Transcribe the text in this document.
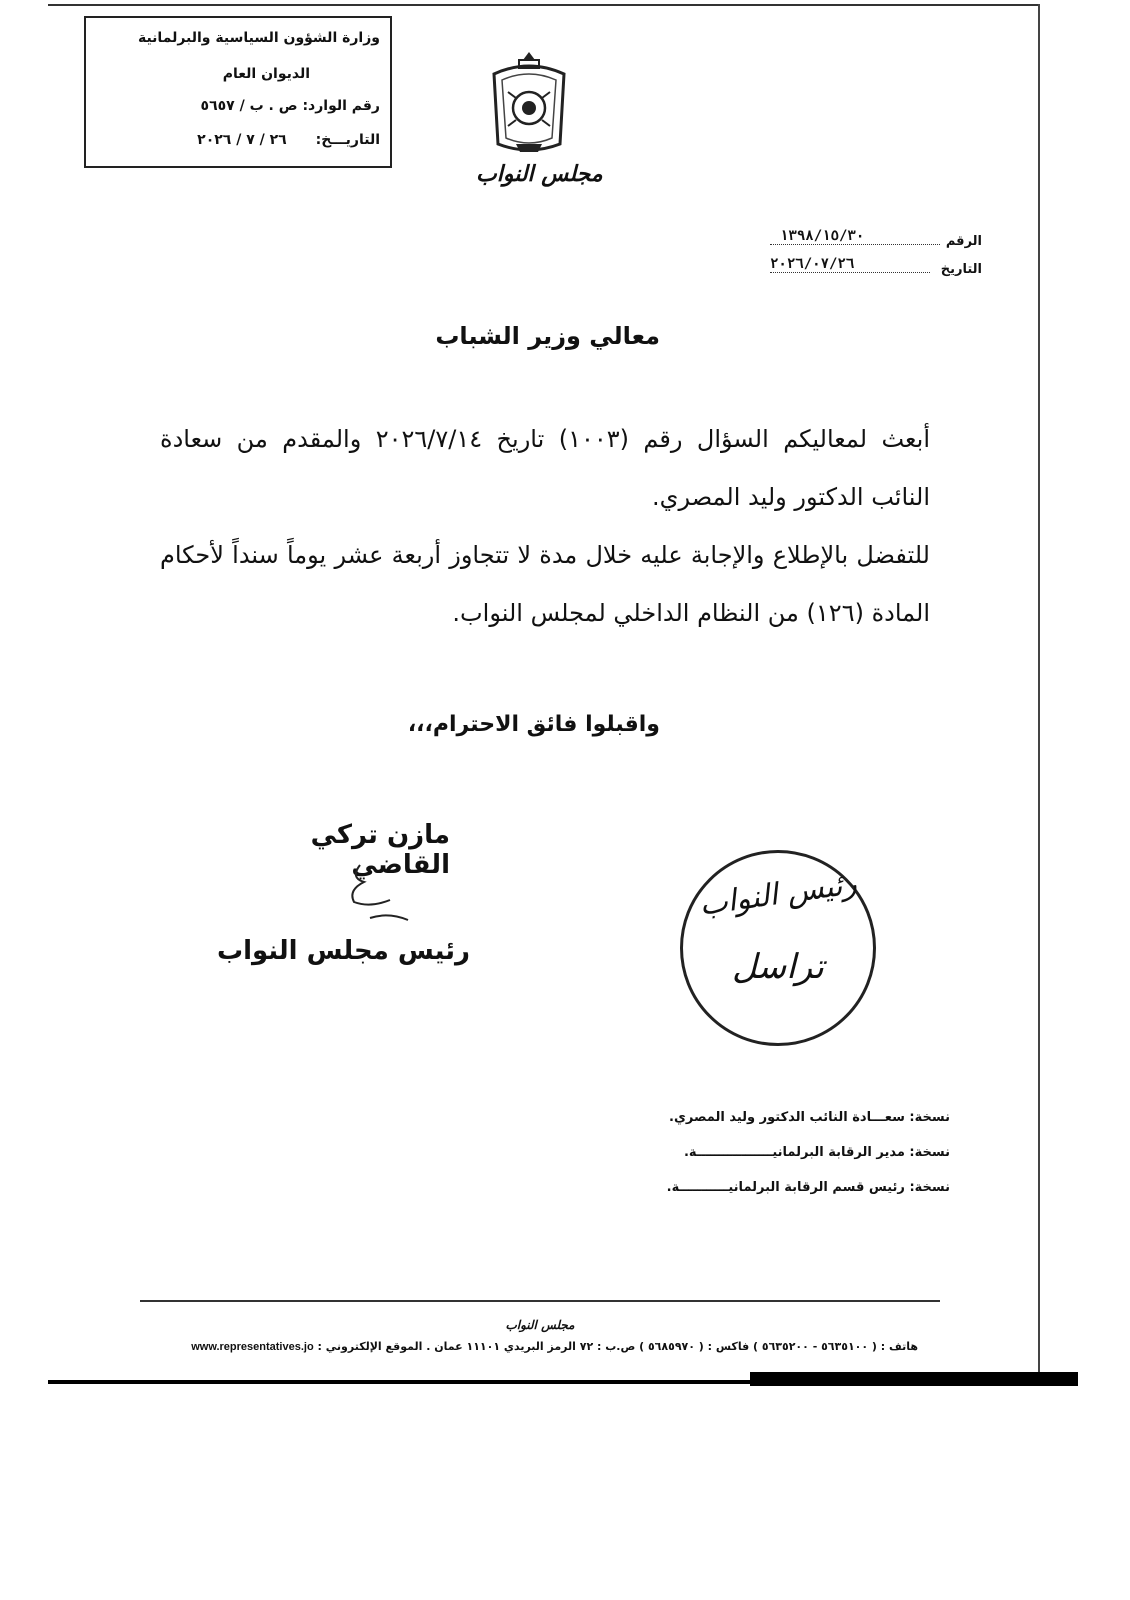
وزارة الشؤون السياسية والبرلمانية
الديوان العام
رقم الوارد: ص . ب / ٥٦٥٧
التاريـــخ: ٢٦ / ٧ / ٢٠٢٦
مجلس النواب
الرقم
١٣٩٨/١٥/٣٠
التاريخ
٢٠٢٦/٠٧/٢٦
معالي وزير الشباب

أبعث لمعاليكم السؤال رقم (١٠٠٣) تاريخ ٢٠٢٦/٧/١٤ والمقدم من سعادة النائب الدكتور وليد المصري.

للتفضل بالإطلاع والإجابة عليه خلال مدة لا تتجاوز أربعة عشر يوماً سنداً لأحكام المادة (١٢٦) من النظام الداخلي لمجلس النواب.

واقبلوا فائق الاحترام،،،
مازن تركي القاضي
رئيس مجلس النواب
رئيس النواب
تراسل
نسخة: سعـــادة النائب الدكتور وليد المصري.
نسخة: مدير الرقابة البرلمانيـــــــــــــــــة.
نسخة: رئيس قسم الرقابة البرلمانيـــــــــــة.
مجلس النواب
هاتف : ( ٥٦٣٥١٠٠ - ٥٦٣٥٢٠٠ ) فاكس : ( ٥٦٨٥٩٧٠ ) ص.ب : ٧٢ الرمز البريدي ١١١٠١ عمان . الموقع الإلكتروني : www.representatives.jo
